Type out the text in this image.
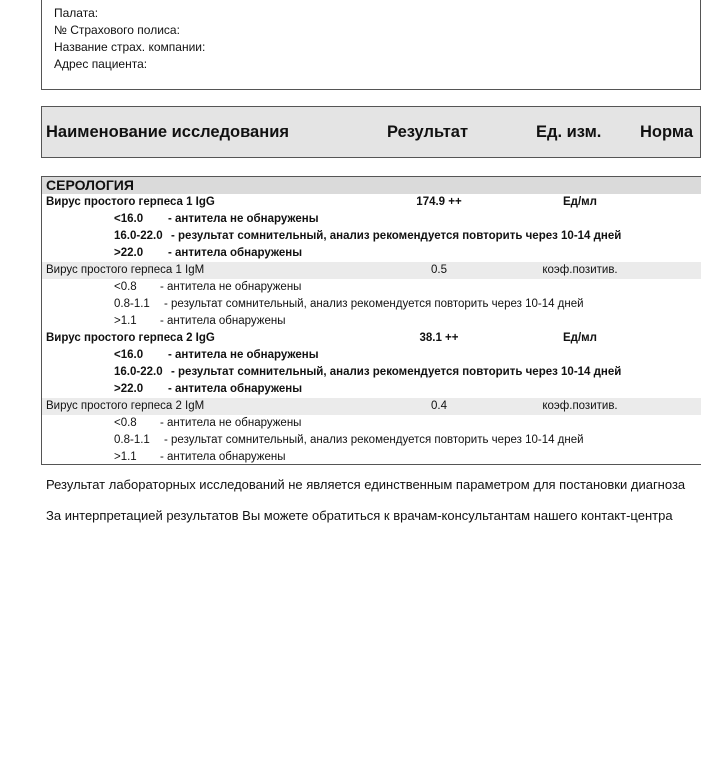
Палата:
№ Страхового полиса:
Название страх. компании:
Адрес пациента:
Наименование исследования	Результат	Ед. изм. Норма
СЕРОЛОГИЯ
Вирус простого герпеса 1 IgG	174.9 ++	Ед/мл
<16.0 - антитела не обнаружены
16.0-22.0 - результат сомнительный, анализ рекомендуется повторить через 10-14 дней
>22.0 - антитела обнаружены
Вирус простого герпеса 1 IgM	0.5	коэф.позитив.
<0.8 - антитела не обнаружены
0.8-1.1 - результат сомнительный, анализ рекомендуется повторить через 10-14 дней
>1.1 - антитела обнаружены
Вирус простого герпеса 2 IgG	38.1 ++	Ед/мл
<16.0 - антитела не обнаружены
16.0-22.0 - результат сомнительный, анализ рекомендуется повторить через 10-14 дней
>22.0 - антитела обнаружены
Вирус простого герпеса 2 IgM	0.4	коэф.позитив.
<0.8 - антитела не обнаружены
0.8-1.1 - результат сомнительный, анализ рекомендуется повторить через 10-14 дней
>1.1 - антитела обнаружены
Результат лабораторных исследований не является единственным параметром для постановки диагноза
За интерпретацией результатов Вы можете обратиться к врачам-консультантам нашего контакт-центра
